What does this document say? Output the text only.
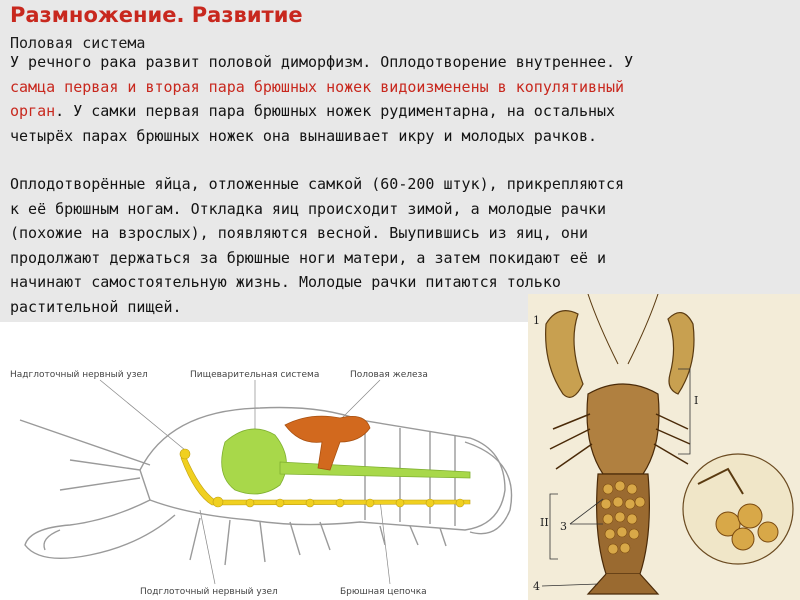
Размножение. Развитие
Половая система
У речного рака развит половой диморфизм. Оплодотворение внутреннее. У
самца первая и вторая пара брюшных ножек видоизменены в копулятивный
орган. У самки первая пара брюшных ножек рудиментарна, на остальных
четырёх парах брюшных ножек она вынашивает икру и молодых рачков.
Оплодотворённые яйца, отложенные самкой (60-200 штук), прикрепляются
к её брюшным ногам. Откладка яиц происходит зимой, а молодые рачки
(похожие на взрослых), появляются весной. Выупившись из яиц, они
продолжают держаться за брюшные ноги матери, а затем покидают её и
начинают самостоятельную жизнь. Молодые рачки питаются только
растительной пищей.
Надглоточный нервный узел	Пищеварительная система	Половая железа
Подглоточный нервный узел	Брюшная цепочка
1
I
II 3
4
